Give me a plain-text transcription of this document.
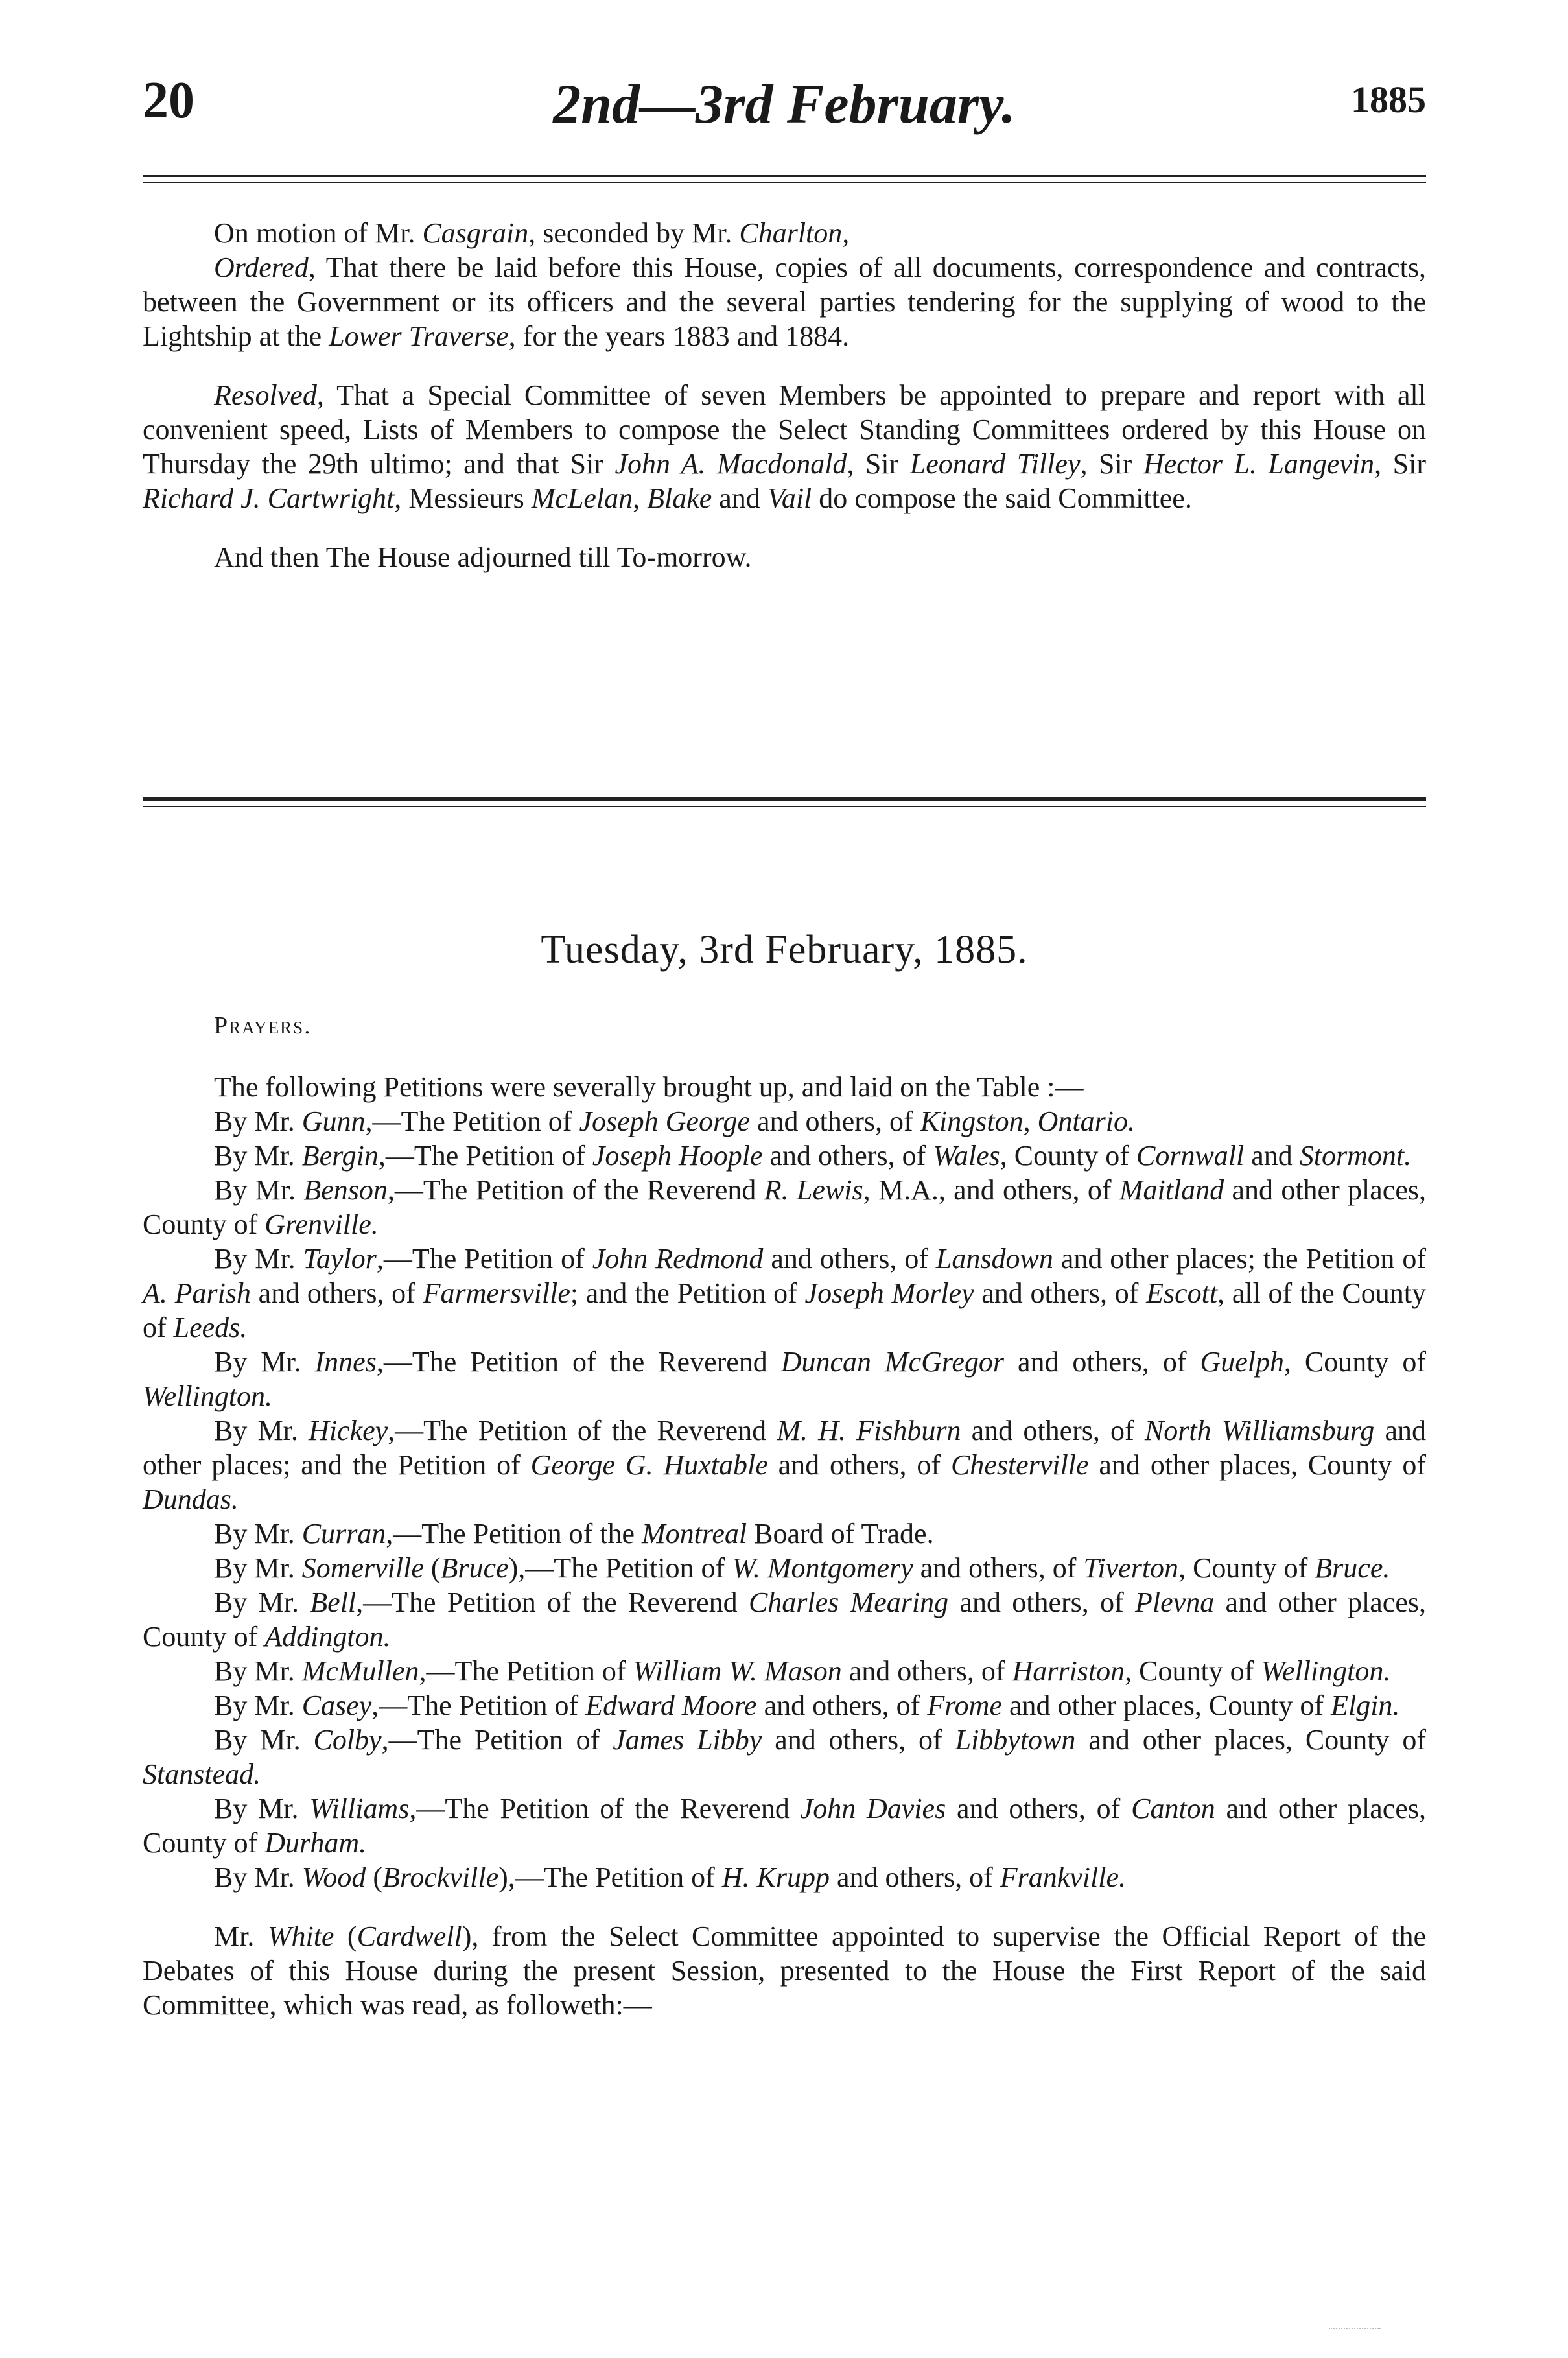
20	2nd—3rd February.	1885

On motion of Mr. Casgrain, seconded by Mr. Charlton,

Ordered, That there be laid before this House, copies of all documents, correspondence and contracts, between the Government or its officers and the several parties tendering for the supplying of wood to the Lightship at the Lower Traverse, for the years 1883 and 1884.

Resolved, That a Special Committee of seven Members be appointed to prepare and report with all convenient speed, Lists of Members to compose the Select Standing Committees ordered by this House on Thursday the 29th ultimo; and that Sir John A. Macdonald, Sir Leonard Tilley, Sir Hector L. Langevin, Sir Richard J. Cartwright, Messieurs McLelan, Blake and Vail do compose the said Committee.

And then The House adjourned till To-morrow.

Tuesday, 3rd February, 1885.
Prayers.

The following Petitions were severally brought up, and laid on the Table :—

By Mr. Gunn,—The Petition of Joseph George and others, of Kingston, Ontario.

By Mr. Bergin,—The Petition of Joseph Hoople and others, of Wales, County of Cornwall and Stormont.

By Mr. Benson,—The Petition of the Reverend R. Lewis, M.A., and others, of Maitland and other places, County of Grenville.

By Mr. Taylor,—The Petition of John Redmond and others, of Lansdown and other places; the Petition of A. Parish and others, of Farmersville; and the Petition of Joseph Morley and others, of Escott, all of the County of Leeds.

By Mr. Innes,—The Petition of the Reverend Duncan McGregor and others, of Guelph, County of Wellington.

By Mr. Hickey,—The Petition of the Reverend M. H. Fishburn and others, of North Williamsburg and other places; and the Petition of George G. Huxtable and others, of Chesterville and other places, County of Dundas.

By Mr. Curran,—The Petition of the Montreal Board of Trade.

By Mr. Somerville (Bruce),—The Petition of W. Montgomery and others, of Tiverton, County of Bruce.

By Mr. Bell,—The Petition of the Reverend Charles Mearing and others, of Plevna and other places, County of Addington.

By Mr. McMullen,—The Petition of William W. Mason and others, of Harriston, County of Wellington.

By Mr. Casey,—The Petition of Edward Moore and others, of Frome and other places, County of Elgin.

By Mr. Colby,—The Petition of James Libby and others, of Libbytown and other places, County of Stanstead.

By Mr. Williams,—The Petition of the Reverend John Davies and others, of Canton and other places, County of Durham.

By Mr. Wood (Brockville),—The Petition of H. Krupp and others, of Frankville.

Mr. White (Cardwell), from the Select Committee appointed to supervise the Official Report of the Debates of this House during the present Session, presented to the House the First Report of the said Committee, which was read, as followeth:—
